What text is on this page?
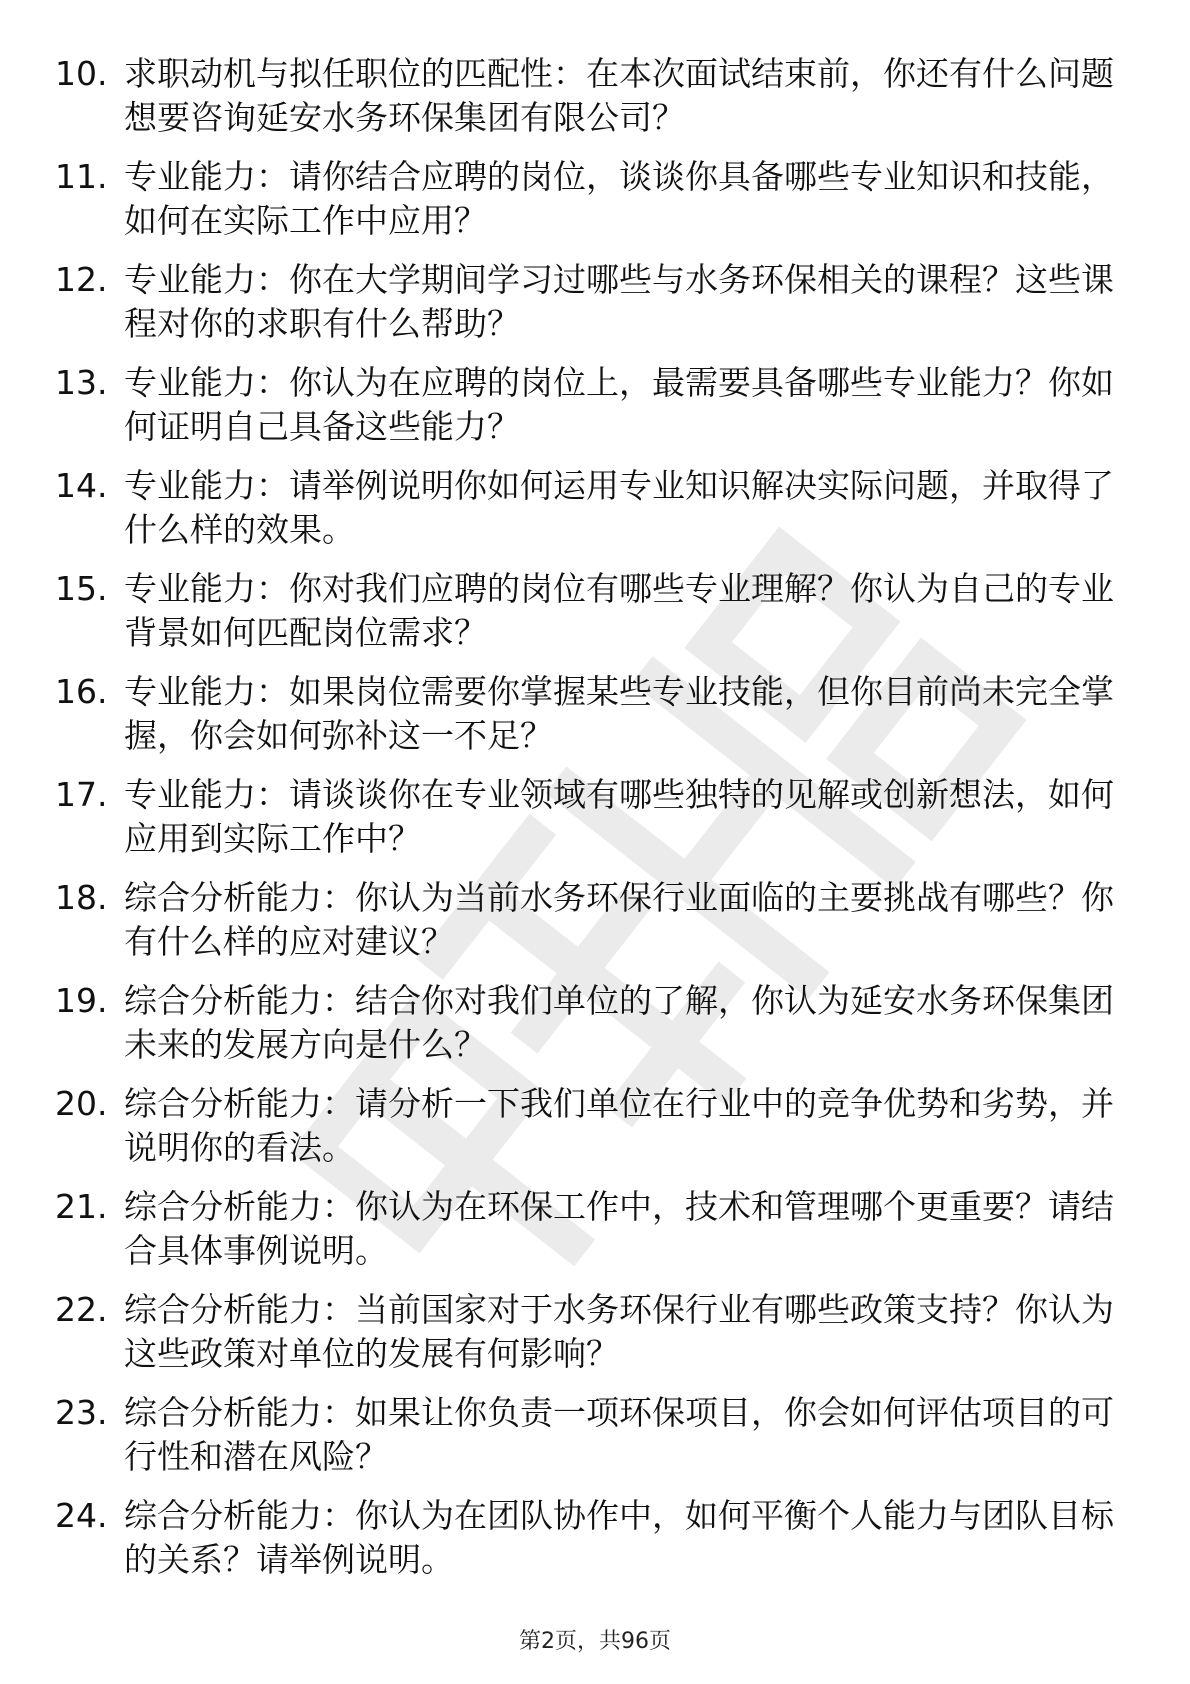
10. 求职动机与拟任职位的匹配性：在本次面试结束前，你还有什么问题想要咨询延安水务环保集团有限公司？
11. 专业能力：请你结合应聘的岗位，谈谈你具备哪些专业知识和技能，如何在实际工作中应用？
12. 专业能力：你在大学期间学习过哪些与水务环保相关的课程？这些课程对你的求职有什么帮助？
13. 专业能力：你认为在应聘的岗位上，最需要具备哪些专业能力？你如何证明自己具备这些能力？
14. 专业能力：请举例说明你如何运用专业知识解决实际问题，并取得了什么样的效果。
15. 专业能力：你对我们应聘的岗位有哪些专业理解？你认为自己的专业背景如何匹配岗位需求？
16. 专业能力：如果岗位需要你掌握某些专业技能，但你目前尚未完全掌握，你会如何弥补这一不足？
17. 专业能力：请谈谈你在专业领域有哪些独特的见解或创新想法，如何应用到实际工作中？
18. 综合分析能力：你认为当前水务环保行业面临的主要挑战有哪些？你有什么样的应对建议？
19. 综合分析能力：结合你对我们单位的了解，你认为延安水务环保集团未来的发展方向是什么？
20. 综合分析能力：请分析一下我们单位在行业中的竞争优势和劣势，并说明你的看法。
21. 综合分析能力：你认为在环保工作中，技术和管理哪个更重要？请结合具体事例说明。
22. 综合分析能力：当前国家对于水务环保行业有哪些政策支持？你认为这些政策对单位的发展有何影响？
23. 综合分析能力：如果让你负责一项环保项目，你会如何评估项目的可行性和潜在风险？
24. 综合分析能力：你认为在团队协作中，如何平衡个人能力与团队目标的关系？请举例说明。
第2页，共96页
